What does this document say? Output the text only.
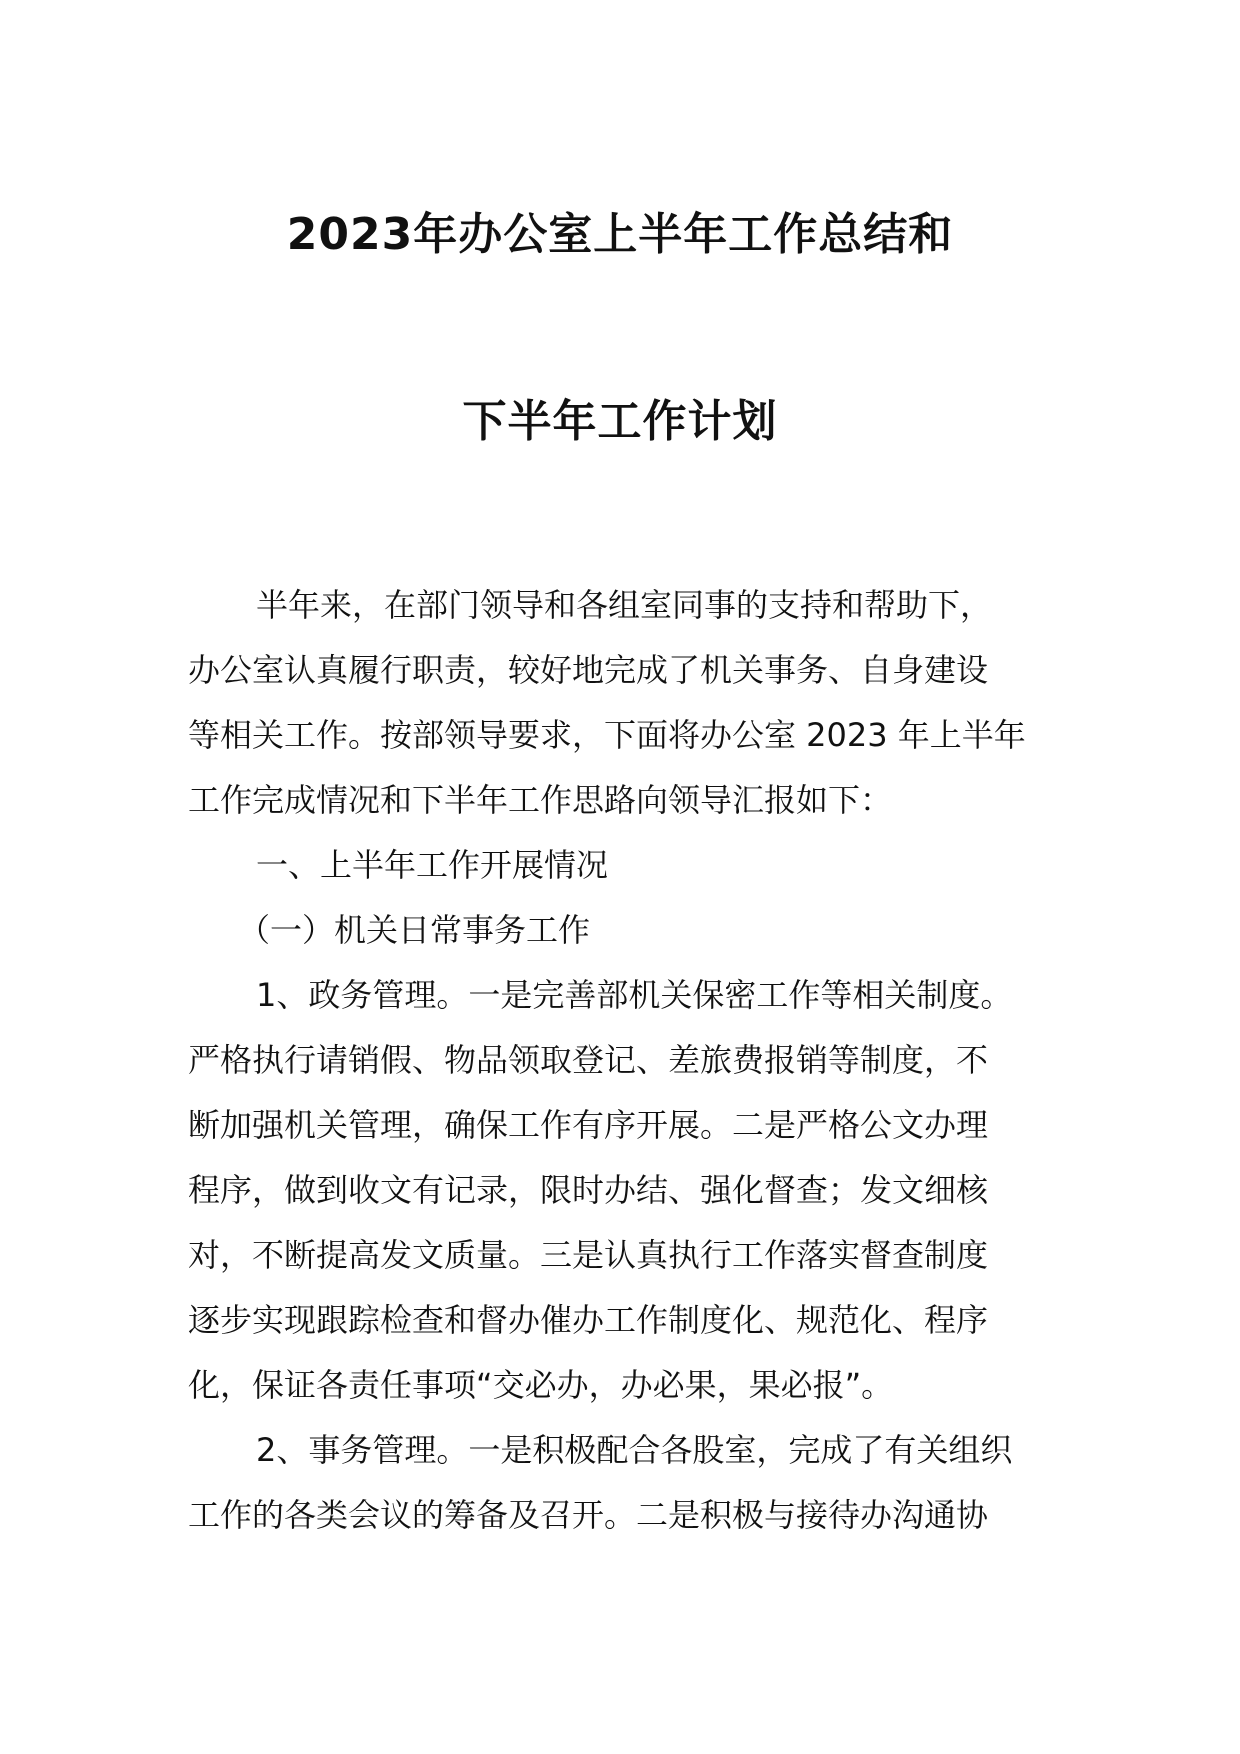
2023年办公室上半年工作总结和
下半年工作计划
半年来，在部门领导和各组室同事的支持和帮助下，
办公室认真履行职责，较好地完成了机关事务、自身建设
等相关工作。按部领导要求，下面将办公室 2023 年上半年
工作完成情况和下半年工作思路向领导汇报如下：
一、上半年工作开展情况
（一）机关日常事务工作
1、政务管理。一是完善部机关保密工作等相关制度。
严格执行请销假、物品领取登记、差旅费报销等制度，不
断加强机关管理，确保工作有序开展。二是严格公文办理
程序，做到收文有记录，限时办结、强化督查；发文细核
对，不断提高发文质量。三是认真执行工作落实督查制度
逐步实现跟踪检查和督办催办工作制度化、规范化、程序
化，保证各责任事项“交必办，办必果，果必报”。
2、事务管理。一是积极配合各股室，完成了有关组织
工作的各类会议的筹备及召开。二是积极与接待办沟通协
